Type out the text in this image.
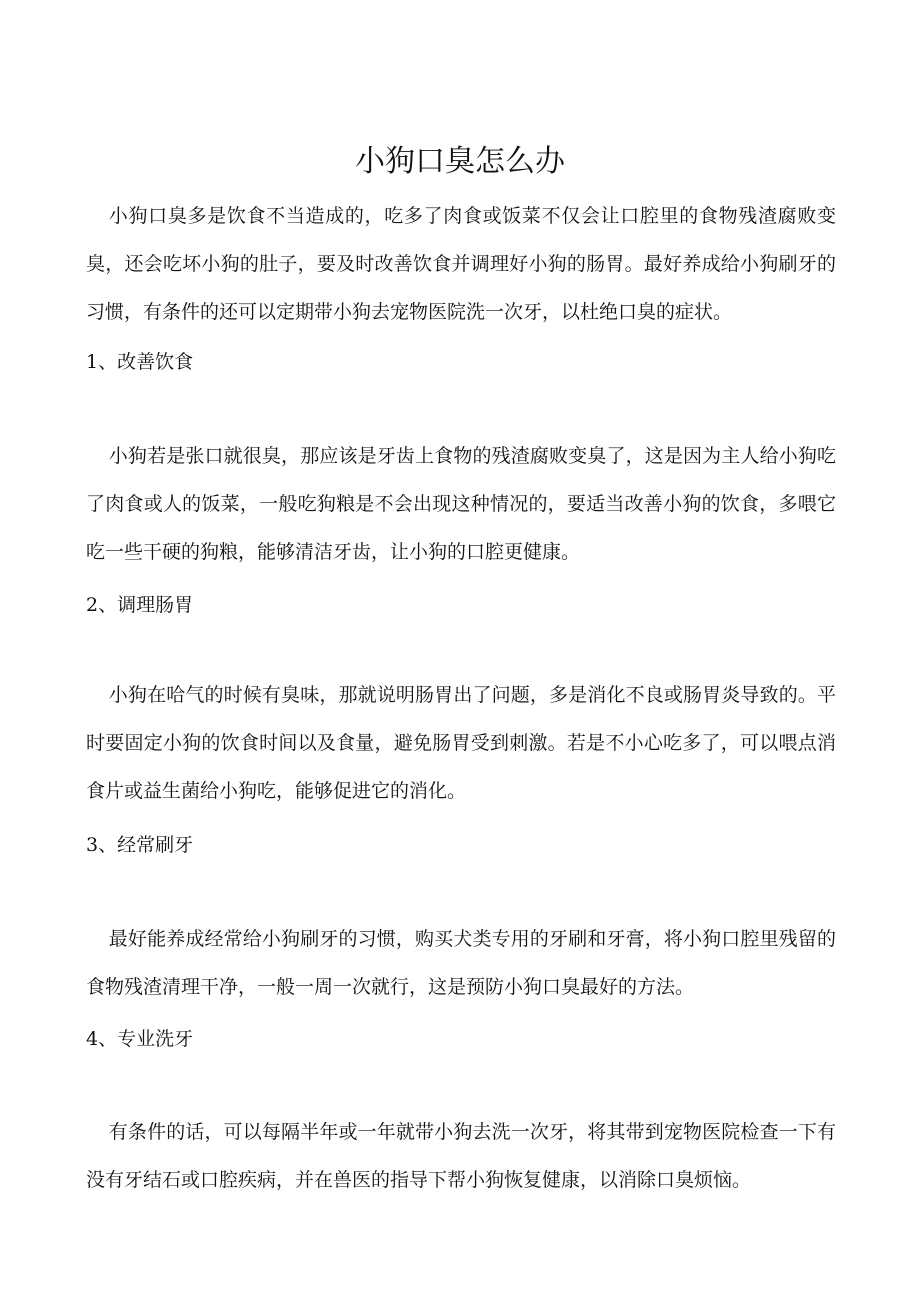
小狗口臭怎么办

小狗口臭多是饮食不当造成的，吃多了肉食或饭菜不仅会让口腔里的食物残渣腐败变臭，还会吃坏小狗的肚子，要及时改善饮食并调理好小狗的肠胃。最好养成给小狗刷牙的习惯，有条件的还可以定期带小狗去宠物医院洗一次牙，以杜绝口臭的症状。

1、改善饮食

小狗若是张口就很臭，那应该是牙齿上食物的残渣腐败变臭了，这是因为主人给小狗吃了肉食或人的饭菜，一般吃狗粮是不会出现这种情况的，要适当改善小狗的饮食，多喂它吃一些干硬的狗粮，能够清洁牙齿，让小狗的口腔更健康。

2、调理肠胃

小狗在哈气的时候有臭味，那就说明肠胃出了问题，多是消化不良或肠胃炎导致的。平时要固定小狗的饮食时间以及食量，避免肠胃受到刺激。若是不小心吃多了，可以喂点消食片或益生菌给小狗吃，能够促进它的消化。

3、经常刷牙

最好能养成经常给小狗刷牙的习惯，购买犬类专用的牙刷和牙膏，将小狗口腔里残留的食物残渣清理干净，一般一周一次就行，这是预防小狗口臭最好的方法。

4、专业洗牙

有条件的话，可以每隔半年或一年就带小狗去洗一次牙，将其带到宠物医院检查一下有没有牙结石或口腔疾病，并在兽医的指导下帮小狗恢复健康，以消除口臭烦恼。
